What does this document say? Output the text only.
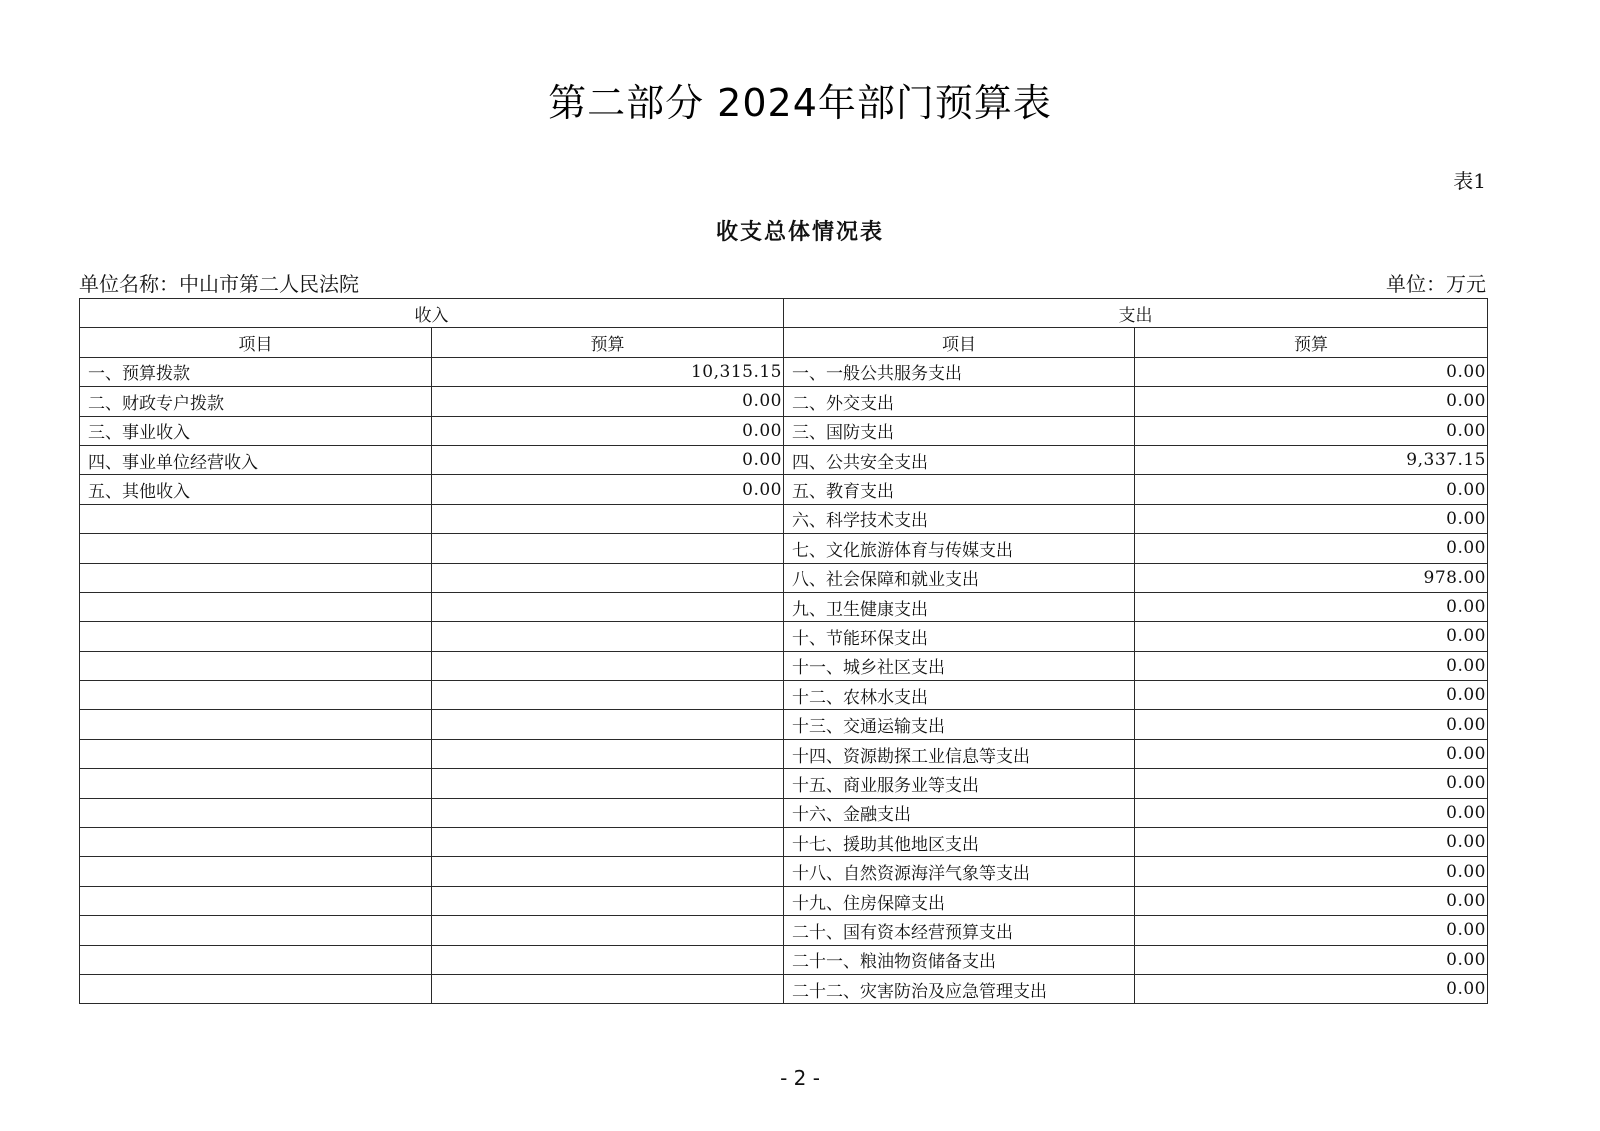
第二部分 2024年部门预算表
表1
收支总体情况表
单位名称：中山市第二人民法院	单位：万元
收入		支出	
项目	预算	项目	预算
一、预算拨款	10,315.15	一、一般公共服务支出	0.00
二、财政专户拨款	0.00	二、外交支出	0.00
三、事业收入	0.00	三、国防支出	0.00
四、事业单位经营收入	0.00	四、公共安全支出	9,337.15
五、其他收入	0.00	五、教育支出	0.00
		六、科学技术支出	0.00
		七、文化旅游体育与传媒支出	0.00
		八、社会保障和就业支出	978.00
		九、卫生健康支出	0.00
		十、节能环保支出	0.00
		十一、城乡社区支出	0.00
		十二、农林水支出	0.00
		十三、交通运输支出	0.00
		十四、资源勘探工业信息等支出	0.00
		十五、商业服务业等支出	0.00
		十六、金融支出	0.00
		十七、援助其他地区支出	0.00
		十八、自然资源海洋气象等支出	0.00
		十九、住房保障支出	0.00
		二十、国有资本经营预算支出	0.00
		二十一、粮油物资储备支出	0.00
		二十二、灾害防治及应急管理支出	0.00
- 2 -
